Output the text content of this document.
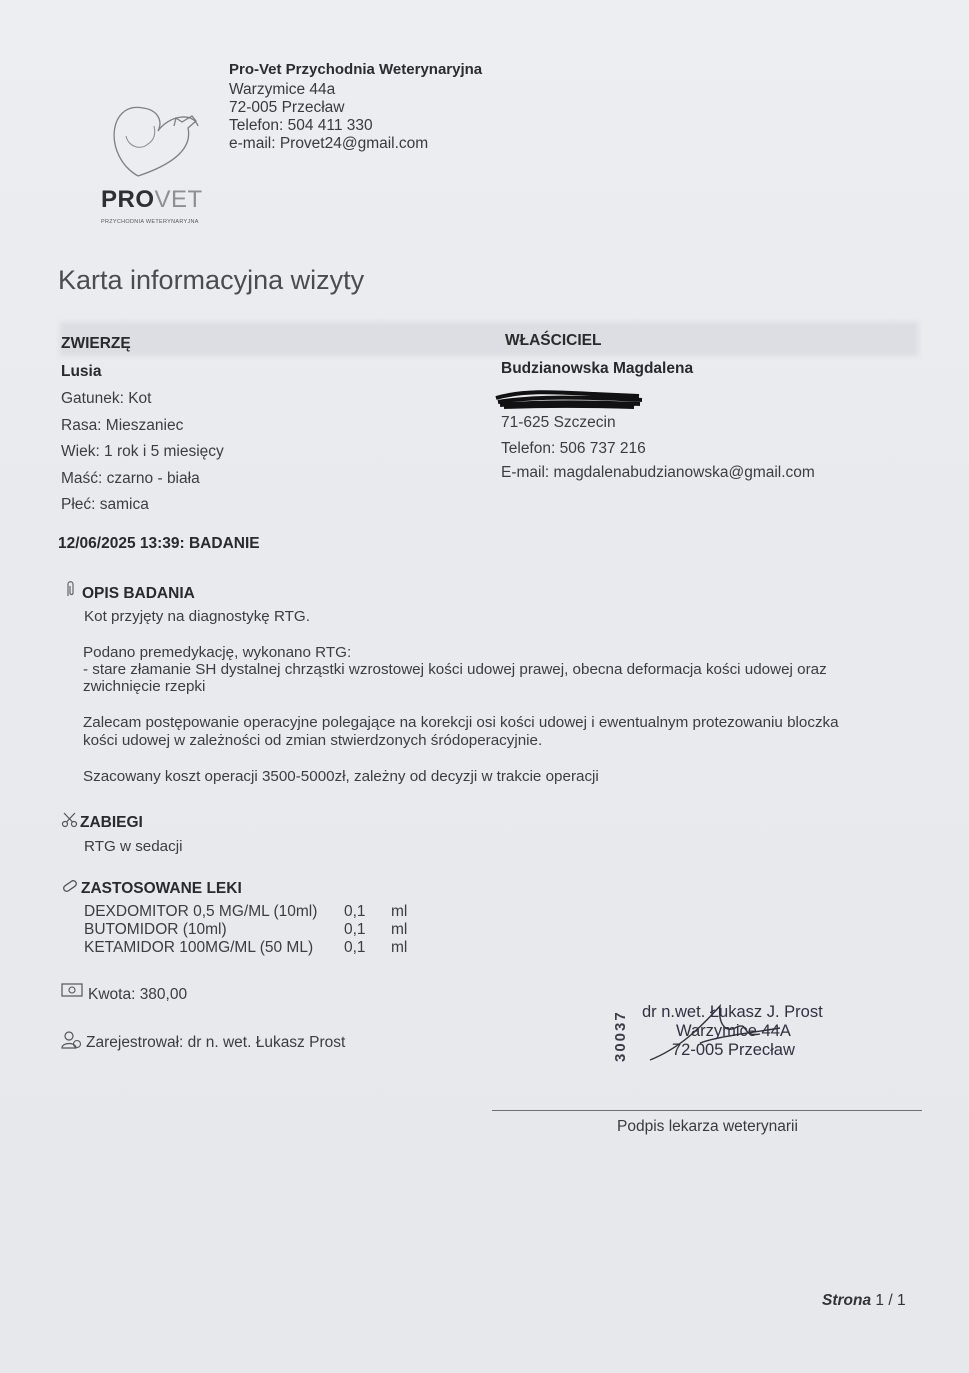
Pro-Vet Przychodnia Weterynaryjna
Warzymice 44a
72-005 Przecław
Telefon: 504 411 330
e-mail: Provet24@gmail.com
PROVET
PRZYCHODNIA WETERYNARYJNA
Karta informacyjna wizyty
ZWIERZĘ
Lusia
Gatunek: Kot
Rasa: Mieszaniec
Wiek: 1 rok i 5 miesięcy
Maść: czarno - biała
Płeć: samica
WŁAŚCICIEL
Budzianowska Magdalena
71-625 Szczecin
Telefon: 506 737 216
E-mail: magdalenabudzianowska@gmail.com
12/06/2025 13:39: BADANIE
OPIS BADANIA
Kot przyjęty na diagnostykę RTG.
Podano premedykację, wykonano RTG:
- stare złamanie SH dystalnej chrząstki wzrostowej kości udowej prawej, obecna deformacja kości udowej oraz
zwichnięcie rzepki
Zalecam postępowanie operacyjne polegające na korekcji osi kości udowej i ewentualnym protezowaniu bloczka
kości udowej w zależności od zmian stwierdzonych śródoperacyjnie.
Szacowany koszt operacji 3500-5000zł, zależny od decyzji w trakcie operacji
ZABIEGI
RTG w sedacji
ZASTOSOWANE LEKI
DEXDOMITOR 0,5 MG/ML (10ml) 0,1 ml
BUTOMIDOR (10ml)	0,1 ml
KETAMIDOR 100MG/ML (50 ML) 0,1 ml
Kwota: 380,00
Zarejestrował: dr n. wet. Łukasz Prost	30037 dr n.wet. Łukasz J. Prost
Warzymice 44A
72-005 Przecław
Podpis lekarza weterynarii
Strona 1 / 1
